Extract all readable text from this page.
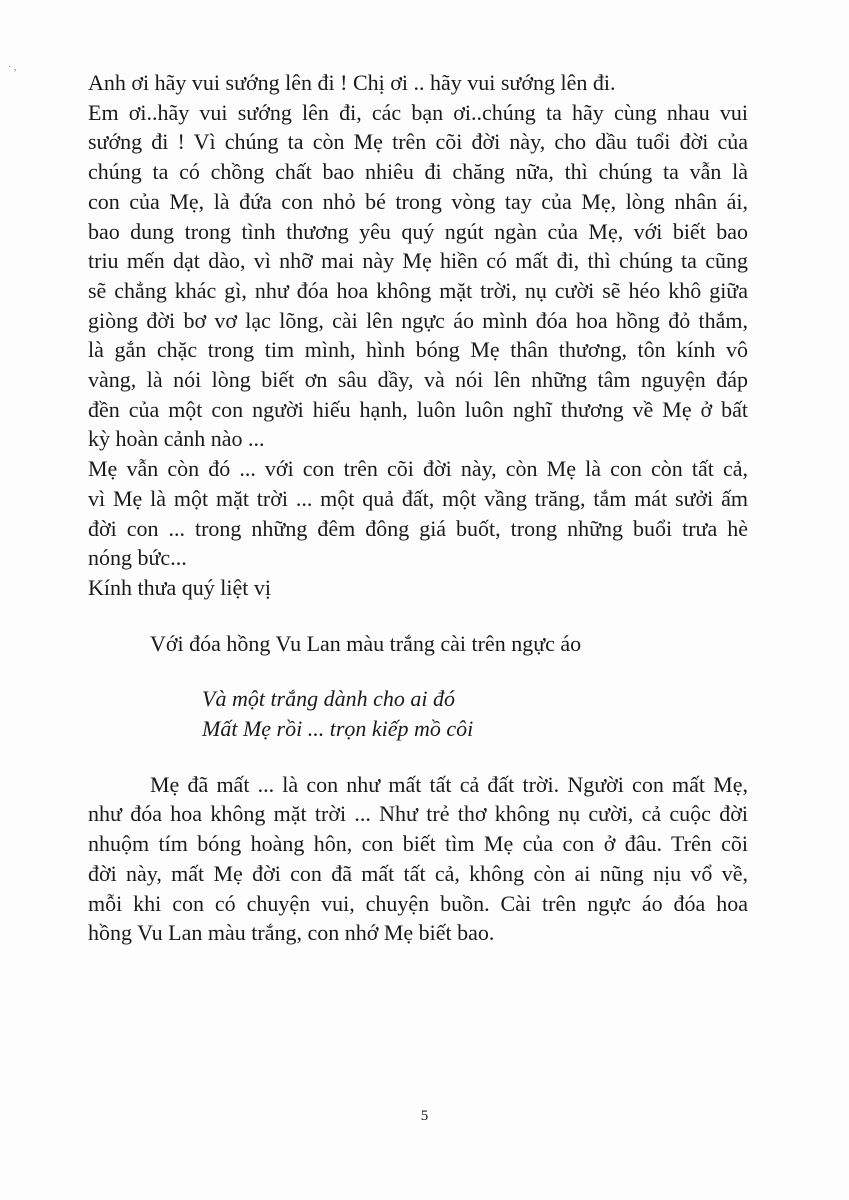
· ,
Anh ơi hãy vui sướng lên đi ! Chị ơi .. hãy vui sướng lên đi.
Em ơi..hãy vui sướng lên đi, các bạn ơi..chúng ta hãy cùng nhau vui
sướng đi ! Vì chúng ta còn Mẹ trên cõi đời này, cho dầu tuổi đời của
chúng ta có chồng chất bao nhiêu đi chăng nữa, thì chúng ta vẫn là
con của Mẹ, là đứa con nhỏ bé trong vòng tay của Mẹ, lòng nhân ái,
bao dung trong tình thương yêu quý ngút ngàn của Mẹ, với biết bao
triu mến dạt dào, vì nhỡ mai này Mẹ hiền có mất đi, thì chúng ta cũng
sẽ chẳng khác gì, như đóa hoa không mặt trời, nụ cười sẽ héo khô giữa
giòng đời bơ vơ lạc lõng, cài lên ngực áo mình đóa hoa hồng đỏ thắm,
là gắn chặc trong tim mình, hình bóng Mẹ thân thương, tôn kính vô
vàng, là nói lòng biết ơn sâu dầy, và nói lên những tâm nguyện đáp
đền của một con người hiếu hạnh, luôn luôn nghĩ thương về Mẹ ở bất
kỳ hoàn cảnh nào ...
Mẹ vẫn còn đó ... với con trên cõi đời này, còn Mẹ là con còn tất cả,
vì Mẹ là một mặt trời ... một quả đất, một vầng trăng, tắm mát sưởi ấm
đời con ... trong những đêm đông giá buốt, trong những buổi trưa hè
nóng bức...
Kính thưa quý liệt vị
Với đóa hồng Vu Lan màu trắng cài trên ngực áo
Và một trắng dành cho ai đó
Mất Mẹ rồi ... trọn kiếp mồ côi
Mẹ đã mất ... là con như mất tất cả đất trời. Người con mất Mẹ,
như đóa hoa không mặt trời ... Như trẻ thơ không nụ cười, cả cuộc đời
nhuộm tím bóng hoàng hôn, con biết tìm Mẹ của con ở đâu. Trên cõi
đời này, mất Mẹ đời con đã mất tất cả, không còn ai nũng nịu vổ về,
mỗi khi con có chuyện vui, chuyện buồn. Cài trên ngực áo đóa hoa
hồng Vu Lan màu trắng, con nhớ Mẹ biết bao.
5
